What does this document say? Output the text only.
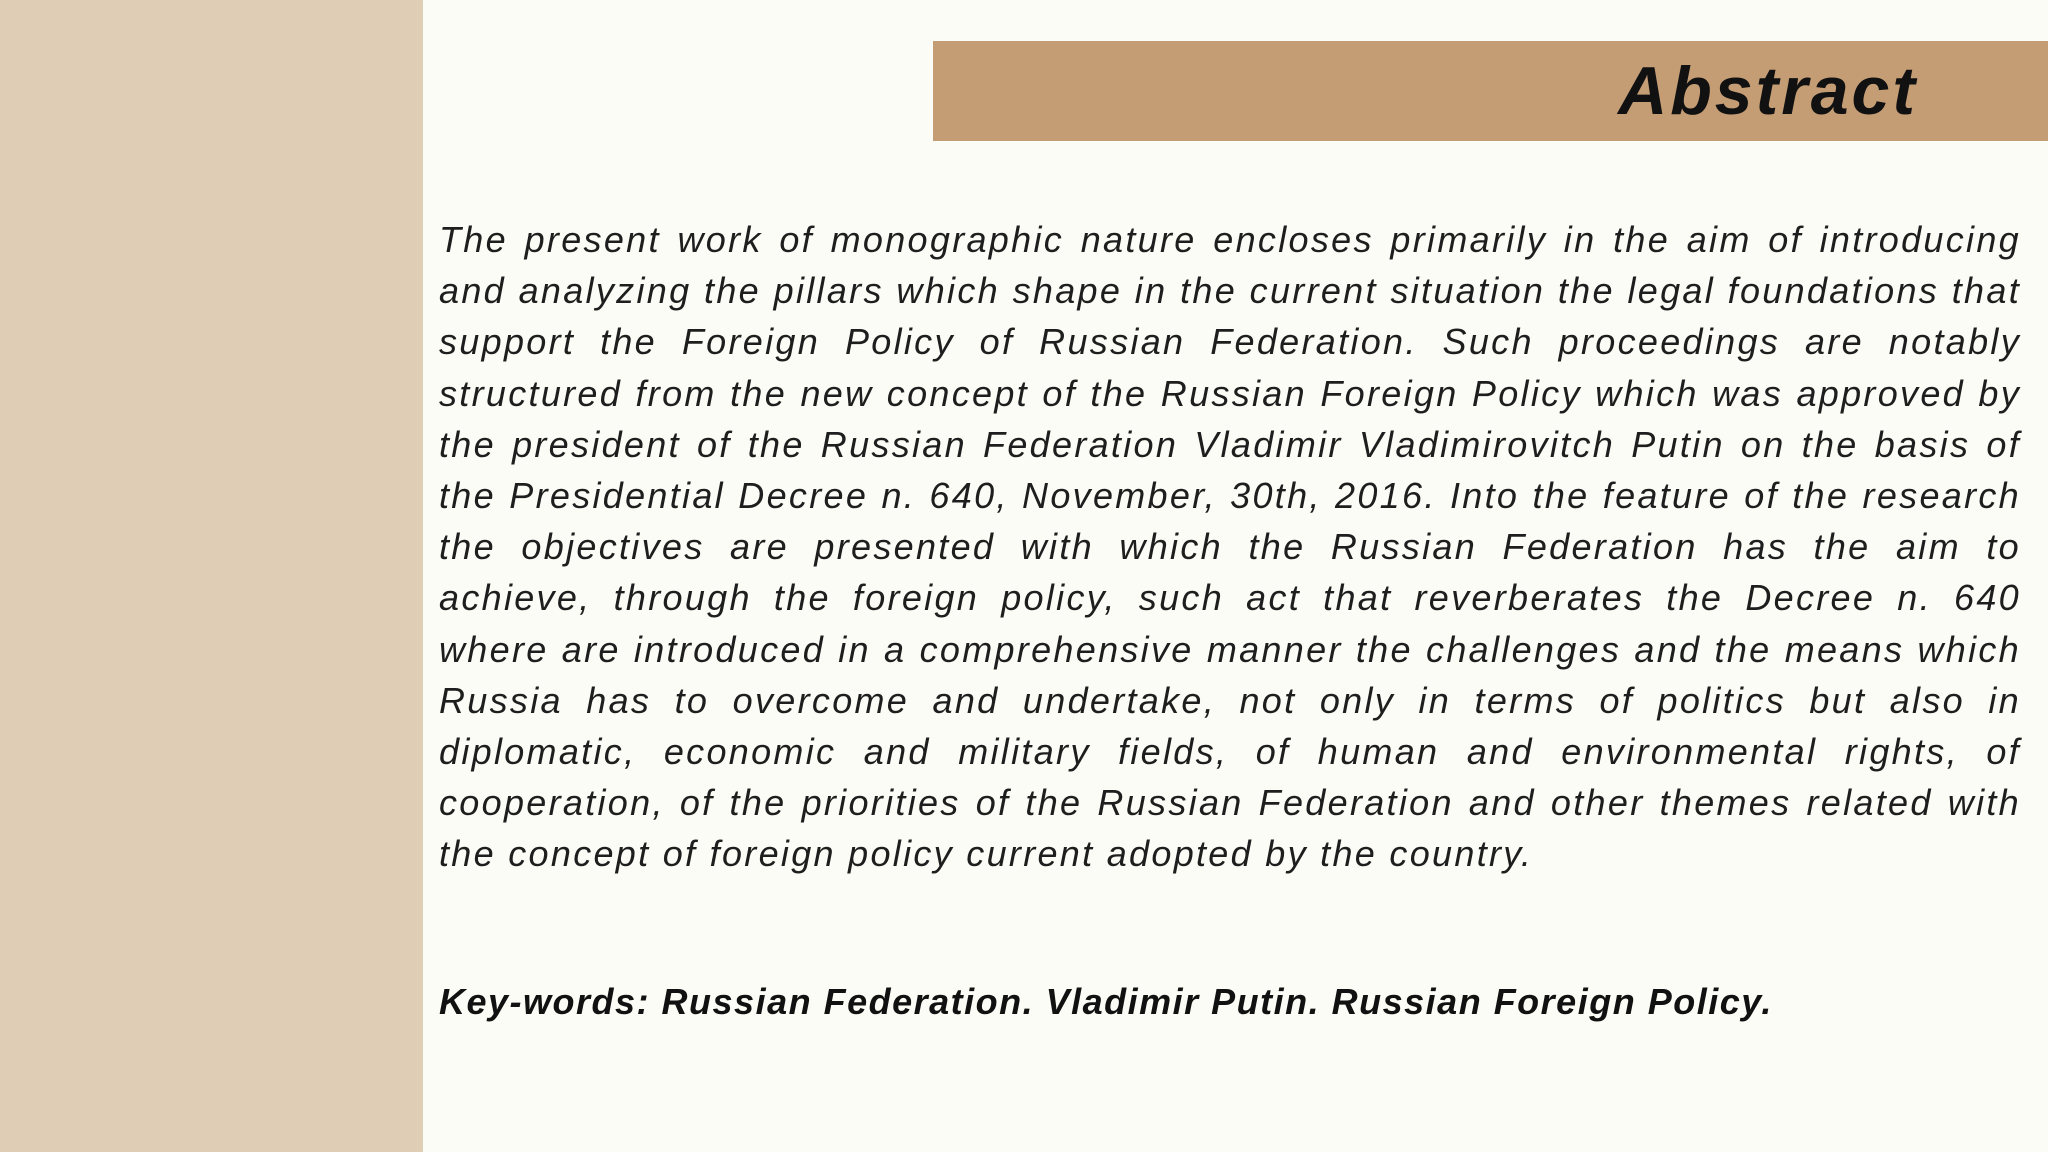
Abstract

The present work of monographic nature encloses primarily in the aim of introducing and analyzing the pillars which shape in the current situation the legal foundations that support the Foreign Policy of Russian Federation. Such proceedings are notably structured from the new concept of the Russian Foreign Policy which was approved by the president of the Russian Federation Vladimir Vladimirovitch Putin on the basis of the Presidential Decree n. 640, November, 30th, 2016. Into the feature of the research the objectives are presented with which the Russian Federation has the aim to achieve, through the foreign policy, such act that reverberates the Decree n. 640 where are introduced in a comprehensive manner the challenges and the means which Russia has to overcome and undertake, not only in terms of politics but also in diplomatic, economic and military fields, of human and environmental rights, of cooperation, of the priorities of the Russian Federation and other themes related with the concept of foreign policy current adopted by the country.

Key-words: Russian Federation. Vladimir Putin. Russian Foreign Policy.
